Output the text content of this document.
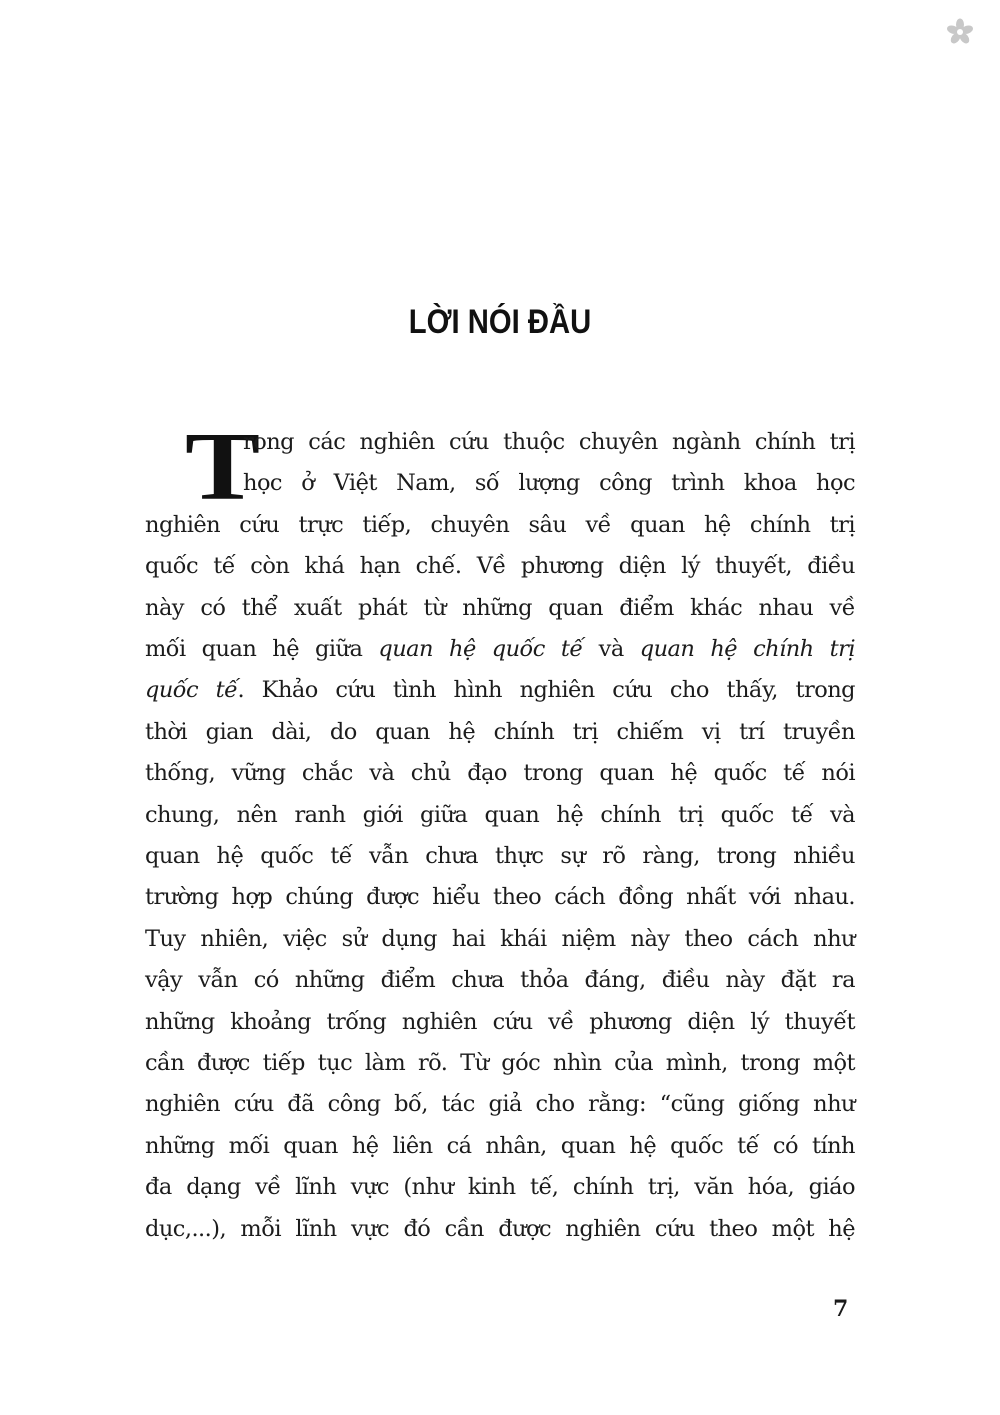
LỜI NÓI ĐẦU
T
rong các nghiên cứu thuộc chuyên ngành chính trị
học ở Việt Nam, số lượng công trình khoa học
nghiên cứu trực tiếp, chuyên sâu về quan hệ chính trị
quốc tế còn khá hạn chế. Về phương diện lý thuyết, điều
này có thể xuất phát từ những quan điểm khác nhau về
mối quan hệ giữa quan hệ quốc tế và quan hệ chính trị
quốc tế. Khảo cứu tình hình nghiên cứu cho thấy, trong
thời gian dài, do quan hệ chính trị chiếm vị trí truyền
thống, vững chắc và chủ đạo trong quan hệ quốc tế nói
chung, nên ranh giới giữa quan hệ chính trị quốc tế và
quan hệ quốc tế vẫn chưa thực sự rõ ràng, trong nhiều
trường hợp chúng được hiểu theo cách đồng nhất với nhau.
Tuy nhiên, việc sử dụng hai khái niệm này theo cách như
vậy vẫn có những điểm chưa thỏa đáng, điều này đặt ra
những khoảng trống nghiên cứu về phương diện lý thuyết
cần được tiếp tục làm rõ. Từ góc nhìn của mình, trong một
nghiên cứu đã công bố, tác giả cho rằng: “cũng giống như
những mối quan hệ liên cá nhân, quan hệ quốc tế có tính
đa dạng về lĩnh vực (như kinh tế, chính trị, văn hóa, giáo
dục,...), mỗi lĩnh vực đó cần được nghiên cứu theo một hệ
7
